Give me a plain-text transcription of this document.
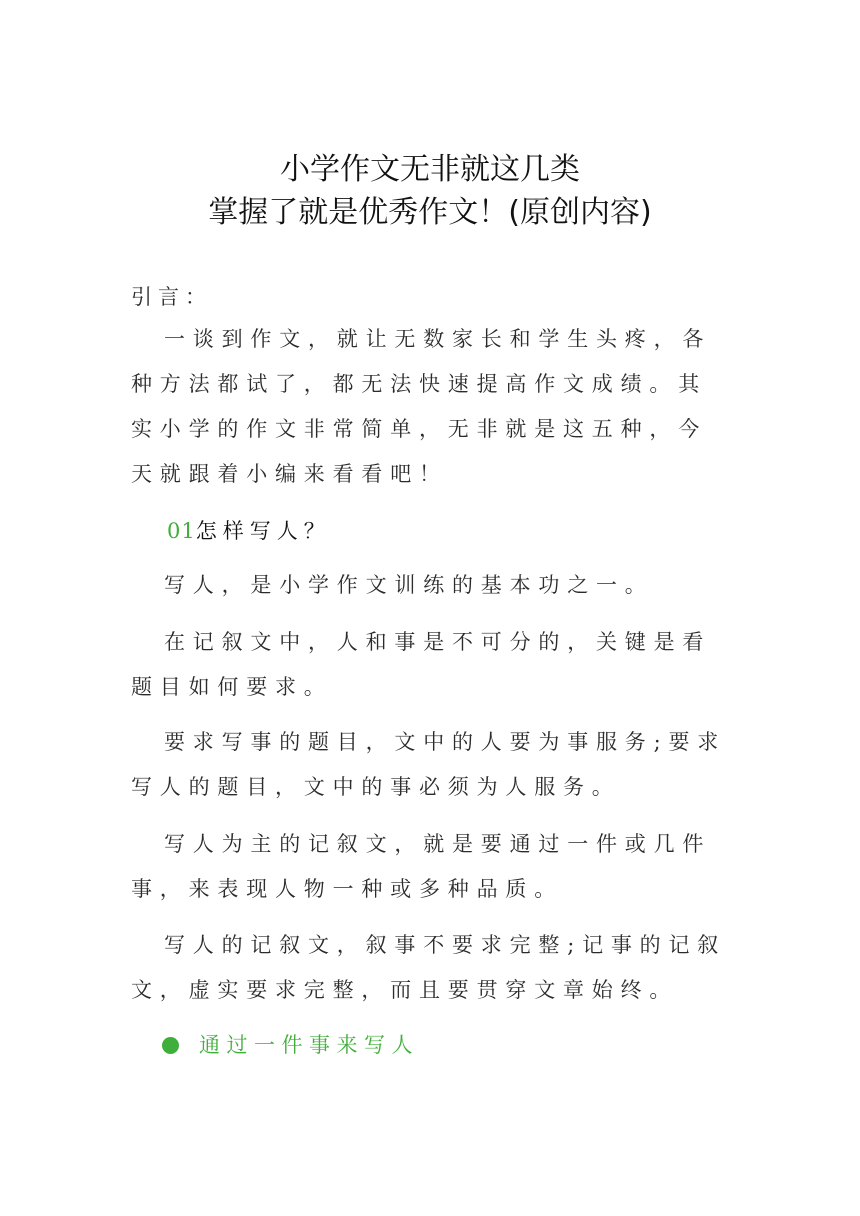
小学作文无非就这几类
掌握了就是优秀作文！(原创内容)
引言：
一谈到作文，就让无数家长和学生头疼，各种方法都试了，都无法快速提高作文成绩。其实小学的作文非常简单，无非就是这五种，今天就跟着小编来看看吧！
01怎样写人？
写人，是小学作文训练的基本功之一。
在记叙文中，人和事是不可分的，关键是看题目如何要求。
要求写事的题目，文中的人要为事服务;要求写人的题目，文中的事必须为人服务。
写人为主的记叙文，就是要通过一件或几件事，来表现人物一种或多种品质。
写人的记叙文，叙事不要求完整;记事的记叙文，虚实要求完整，而且要贯穿文章始终。
通过一件事来写人
